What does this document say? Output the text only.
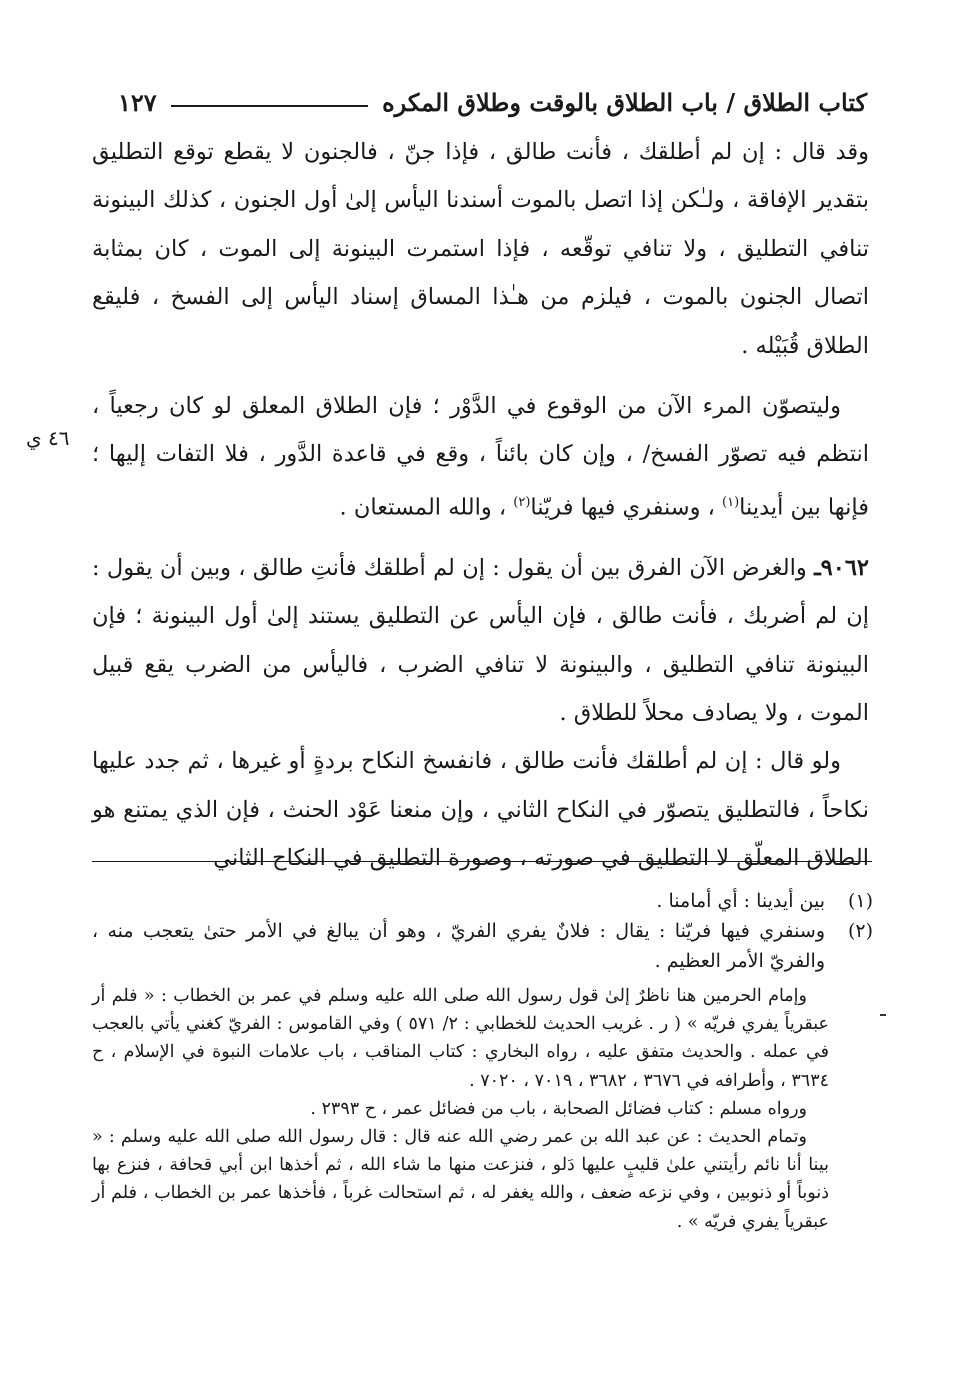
كتاب الطلاق / باب الطلاق بالوقت وطلاق المكره
١٢٧
٤٦ ي

وقد قال : إن لم أطلقك ، فأنت طالق ، فإذا جنّ ، فالجنون لا يقطع توقع التطليق بتقدير الإفاقة ، ولـٰكن إذا اتصل بالموت أسندنا اليأس إلىٰ أول الجنون ، كذلك البينونة تنافي التطليق ، ولا تنافي توقّعه ، فإذا استمرت البينونة إلى الموت ، كان بمثابة اتصال الجنون بالموت ، فيلزم من هـٰذا المساق إسناد اليأس إلى الفسخ ، فليقع الطلاق قُبَيْله .

وليتصوّن المرء الآن من الوقوع في الدَّوْر ؛ فإن الطلاق المعلق لو كان رجعياً ، انتظم فيه تصوّر الفسخ/ ، وإن كان بائناً ، وقع في قاعدة الدَّور ، فلا التفات إليها ؛ فإنها بين أيدينا$^{(١)}$ ، وسنفري فيها فريّنا$^{(٢)}$ ، والله المستعان .

٩٠٦٢ـ والغرض الآن الفرق بين أن يقول : إن لم أطلقك فأنتِ طالق ، وبين أن يقول : إن لم أضربك ، فأنت طالق ، فإن اليأس عن التطليق يستند إلىٰ أول البينونة ؛ فإن البينونة تنافي التطليق ، والبينونة لا تنافي الضرب ، فاليأس من الضرب يقع قبيل الموت ، ولا يصادف محلاً للطلاق .

ولو قال : إن لم أطلقك فأنت طالق ، فانفسخ النكاح بردةٍ أو غيرها ، ثم جدد عليها نكاحاً ، فالتطليق يتصوّر في النكاح الثاني ، وإن منعنا عَوْد الحنث ، فإن الذي يمتنع هو الطلاق المعلّق لا التطليق في صورته ، وصورة التطليق في النكاح الثاني

(١)
بين أيدينا : أي أمامنا .

(٢)
وسنفري فيها فريّنا : يقال : فلانٌ يفري الفريّ ، وهو أن يبالغ في الأمر حتىٰ يتعجب منه ، والفريّ الأمر العظيم .

وإمام الحرمين هنا ناظرٌ إلىٰ قول رسول الله صلى الله عليه وسلم في عمر بن الخطاب : « فلم أر عبقرياً يفري فريّه » ( ر . غريب الحديث للخطابي : ٢/ ٥٧١ ) وفي القاموس : الفريّ كغني يأتي بالعجب في عمله . والحديث متفق عليه ، رواه البخاري : كتاب المناقب ، باب علامات النبوة في الإسلام ، ح ٣٦٣٤ ، وأطرافه في ٣٦٧٦ ، ٣٦٨٢ ، ٧٠١٩ ، ٧٠٢٠ .

ورواه مسلم : كتاب فضائل الصحابة ، باب من فضائل عمر ، ح ٢٣٩٣ .

وتمام الحديث : عن عبد الله بن عمر رضي الله عنه قال : قال رسول الله صلى الله عليه وسلم : « بينا أنا نائم رأيتني علىٰ قليبٍ عليها دَلو ، فنزعت منها ما شاء الله ، ثم أخذها ابن أبي قحافة ، فنزع بها ذنوباً أو ذنوبين ، وفي نزعه ضعف ، والله يغفر له ، ثم استحالت غرباً ، فأخذها عمر بن الخطاب ، فلم أر عبقرياً يفري فريّه » .
